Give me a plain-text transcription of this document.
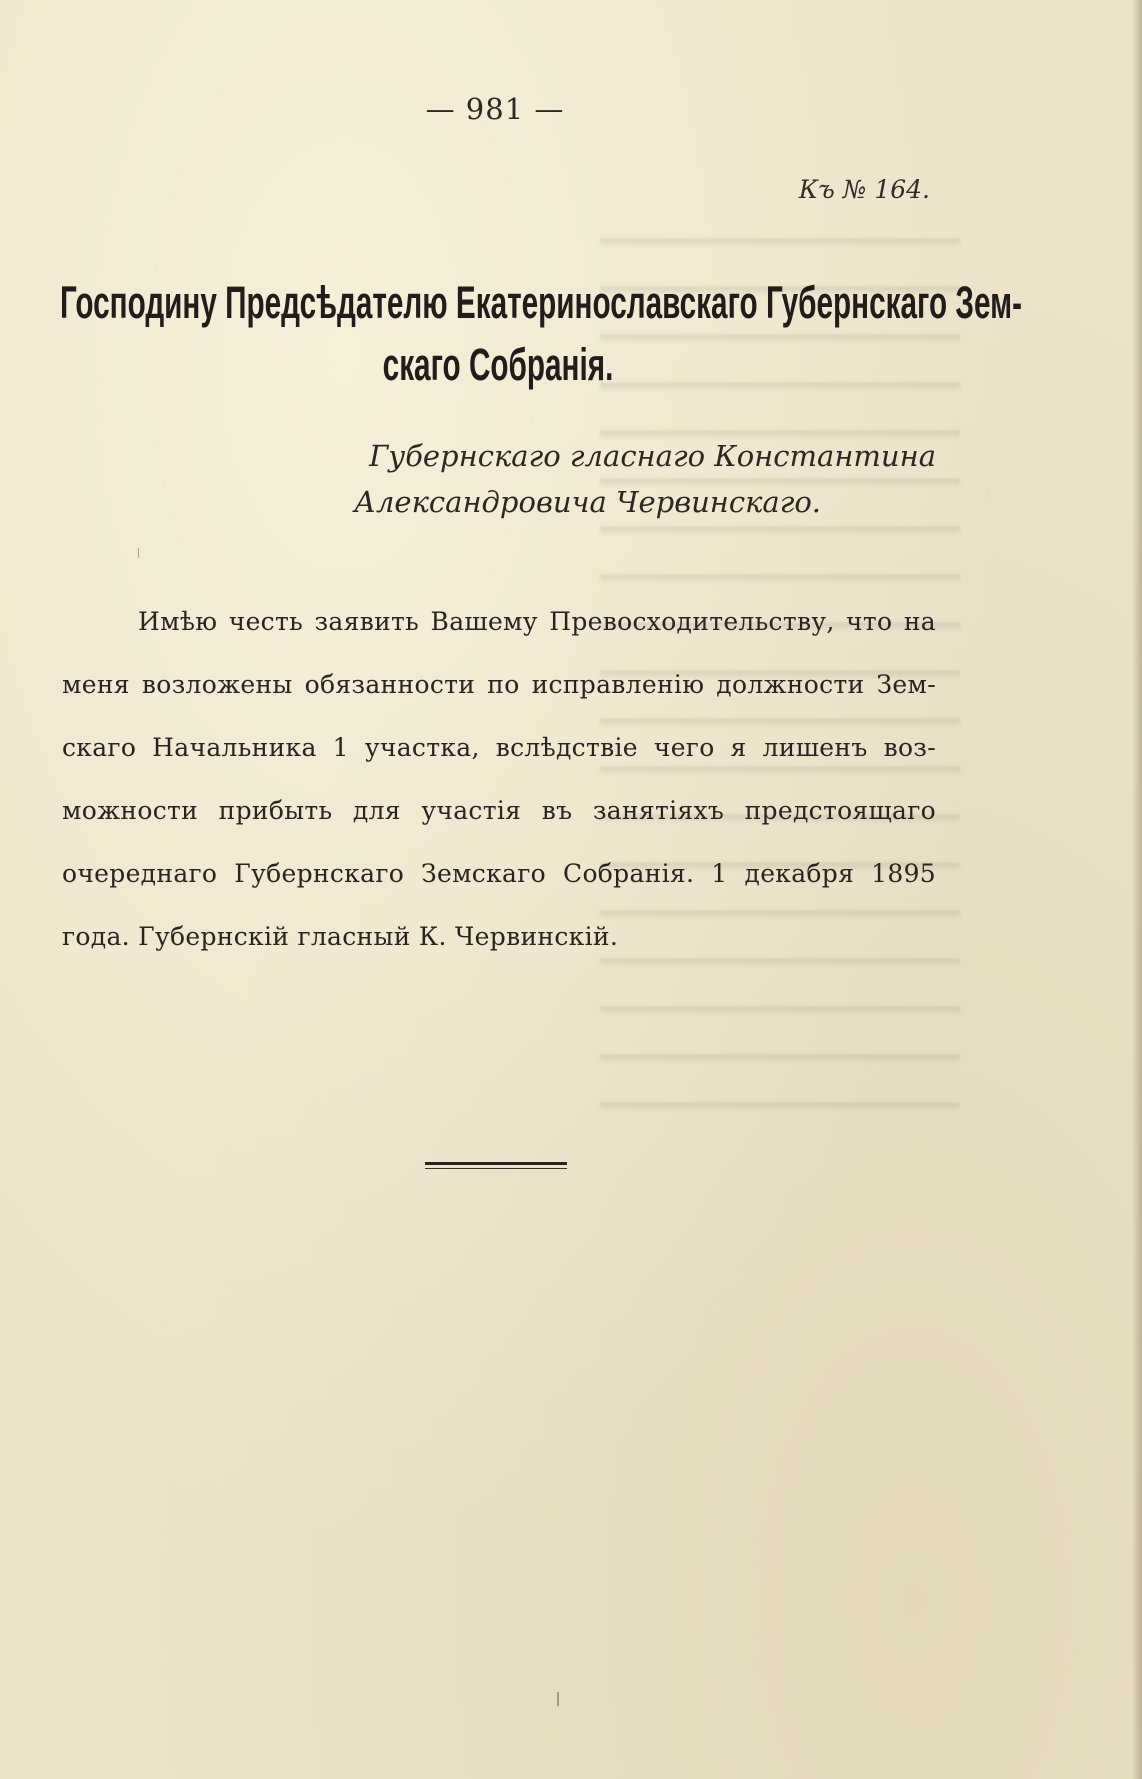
— 981 —
Къ № 164.
Господину Предсѣдателю Екатеринославскаго Губернскаго Зем-
скаго Собранія.
Губернскаго гласнаго Константина
Александровича Червинскаго.
Имѣю честь заявить Вашему Превосходительству, что на
меня возложены обязанности по исправленію должности Зем-
скаго Начальника 1 участка, вслѣдствіе чего я лишенъ воз-
можности прибыть для участія въ занятіяхъ предстоящаго
очереднаго Губернскаго Земскаго Собранія. 1 декабря 1895
года. Губернскій гласный К. Червинскій.
